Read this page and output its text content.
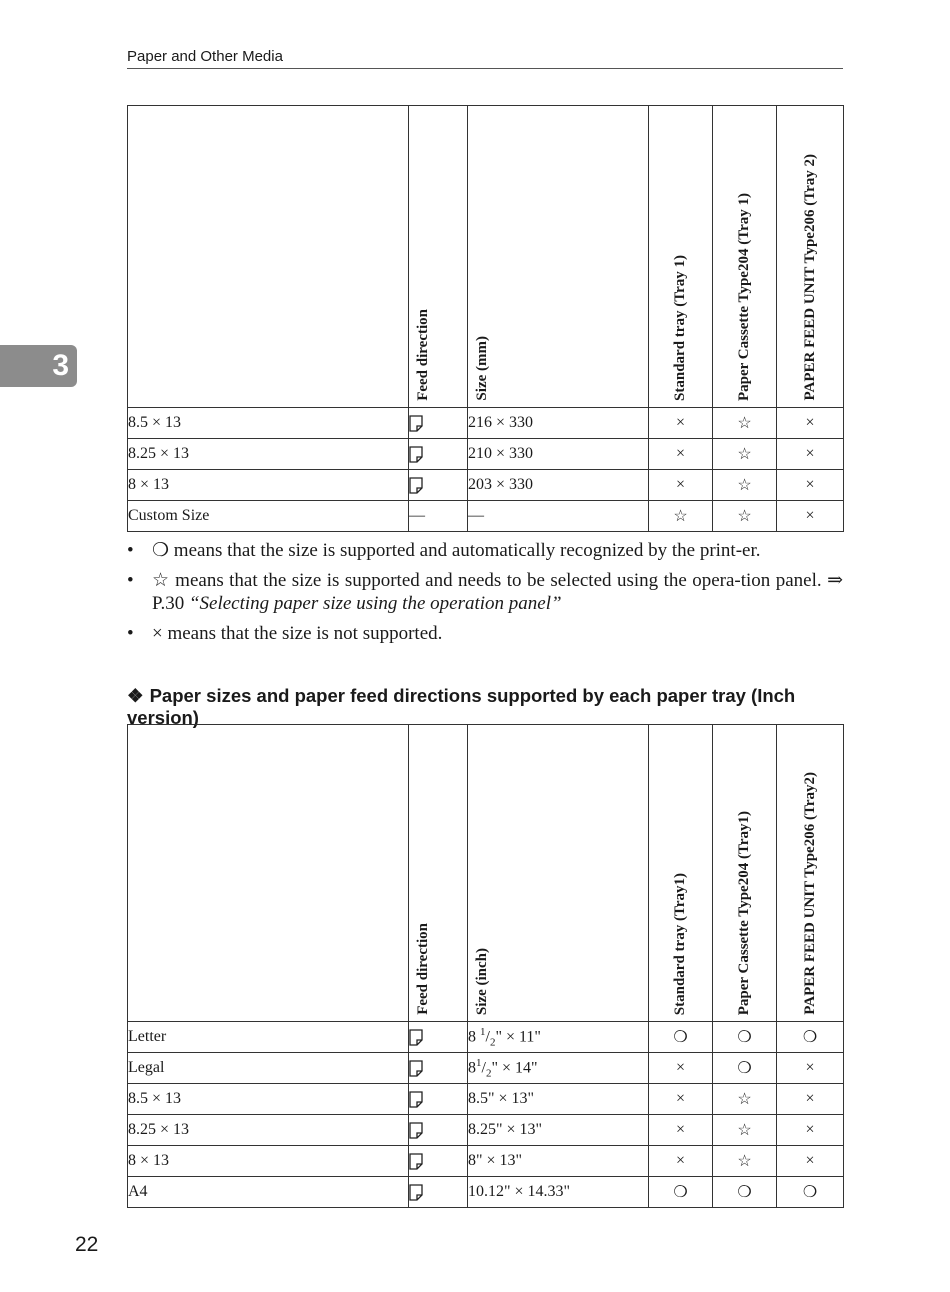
Paper and Other Media
3

	Feed direction	Size (mm)	Standard tray (Tray 1)	Paper Cassette Type204 (Tray 1)	PAPER FEED UNIT Type206 (Tray 2)

8.5 × 13		216 × 330	×	☆	×
8.25 × 13		210 × 330	×	☆	×
8 × 13		203 × 330	×	☆	×
Custom Size	—	—	☆	☆	×
• ❍ means that the size is supported and automatically recognized by the print-er.
• ☆ means that the size is supported and needs to be selected using the opera-tion panel. ⇒ P.30 “Selecting paper size using the operation panel”
• × means that the size is not supported.
❖ Paper sizes and paper feed directions supported by each paper tray (Inch version)

	Feed direction	Size (inch)	Standard tray (Tray1)	Paper Cassette Type204 (Tray1)	PAPER FEED UNIT Type206 (Tray2)

Letter		8 $^1/_2$" × 11"	❍	❍	❍
Legal		$8^1/_2$" × 14"	×	❍	×
8.5 × 13		8.5" × 13"	×	☆	×
8.25 × 13		8.25" × 13"	×	☆	×
8 × 13		8" × 13"	×	☆	×
A4		10.12" × 14.33"	❍	❍	❍
22
